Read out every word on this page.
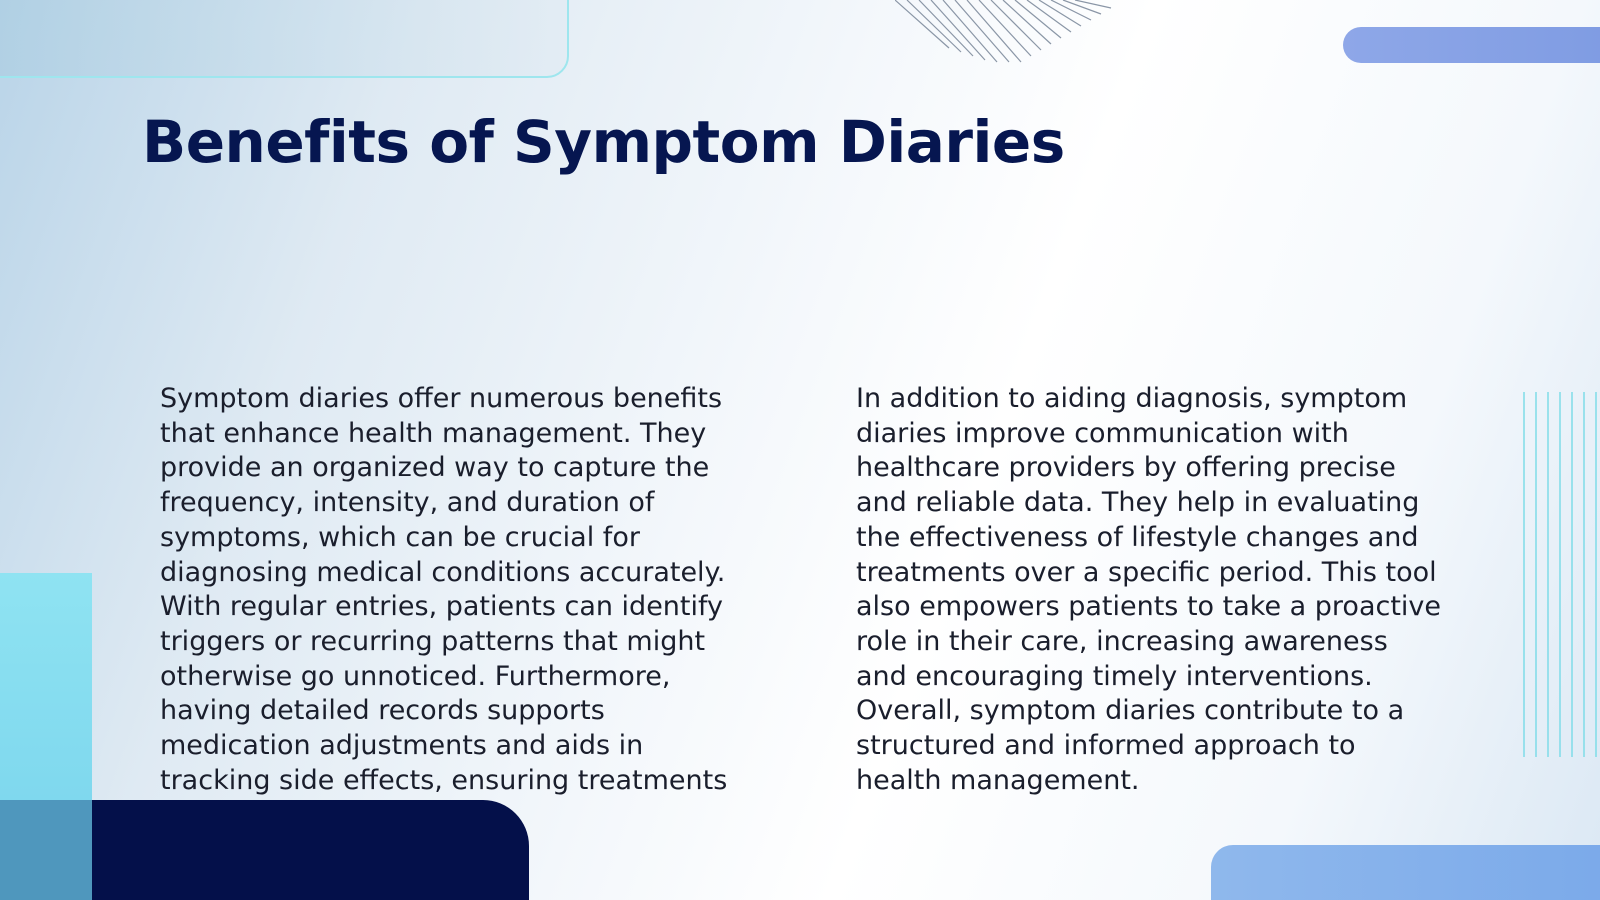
Benefits of Symptom Diaries

Symptom diaries offer numerous benefits
that enhance health management. They
provide an organized way to capture the
frequency, intensity, and duration of
symptoms, which can be crucial for
diagnosing medical conditions accurately.
With regular entries, patients can identify
triggers or recurring patterns that might
otherwise go unnoticed. Furthermore,
having detailed records supports
medication adjustments and aids in
tracking side effects, ensuring treatments

In addition to aiding diagnosis, symptom
diaries improve communication with
healthcare providers by offering precise
and reliable data. They help in evaluating
the effectiveness of lifestyle changes and
treatments over a specific period. This tool
also empowers patients to take a proactive
role in their care, increasing awareness
and encouraging timely interventions.
Overall, symptom diaries contribute to a
structured and informed approach to
health management.
